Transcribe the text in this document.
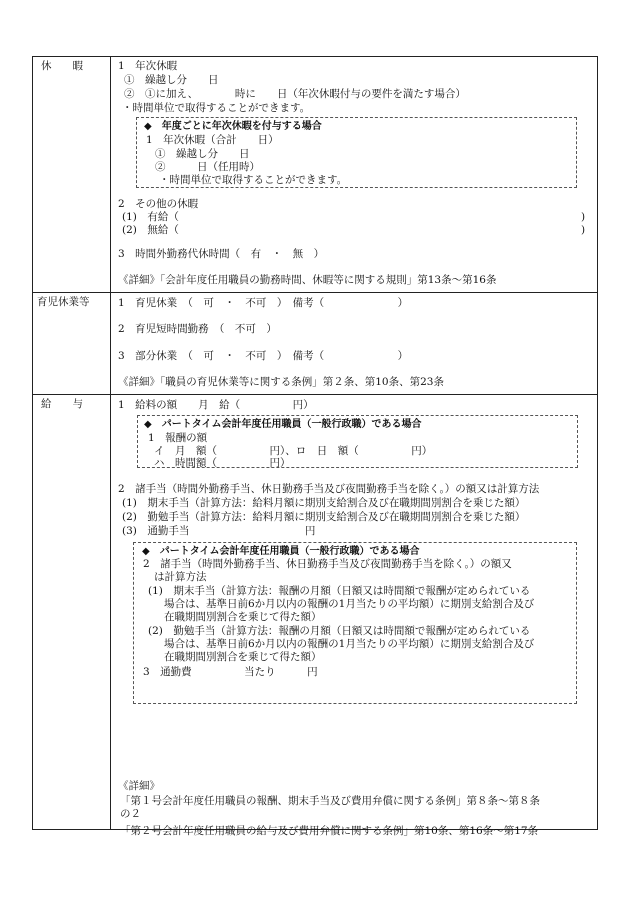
休　　暇	1　年次休暇
①　繰越し分　　日
②　①に加え、　　　　時に　　日（年次休暇付与の要件を満たす場合）
・時間単位で取得することができます。
◆　年度ごとに年次休暇を付与する場合
1　年次休暇（合計　　日）
①　繰越し分　　日
②　　　日（任用時）
・時間単位で取得することができます。
2　その他の休暇
(1)　有給（	)
(2)　無給（	)
3　時間外勤務代休時間（　有　・　無　）
《詳細》「会計年度任用職員の勤務時間、休暇等に関する規則」第13条～第16条
育児休業等	1　育児休業　（　可　・　不可　）　備考（　　　　　　　）
2　育児短時間勤務　（　不可　）
3　部分休業　（　可　・　不可　）　備考（　　　　　　　）
《詳細》「職員の育児休業等に関する条例」第２条、第10条、第23条
給　　与	1　給料の額　　月　給（　　　　　円）
◆　パートタイム会計年度任用職員（一般行政職）である場合
1　報酬の額
イ　月　額（　　　　　円）、ロ　日　額（　　　　　円）
ハ　時間額（　　　　　円）
2　諸手当（時間外勤務手当、休日勤務手当及び夜間勤務手当を除く。）の額又は計算方法
(1)　期末手当（計算方法：給料月額に期別支給割合及び在職期間別割合を乗じた額）
(2)　勤勉手当（計算方法：給料月額に期別支給割合及び在職期間別割合を乗じた額）
(3)　通勤手当　　　　　　　　　　　円
◆　パートタイム会計年度任用職員（一般行政職）である場合
2　諸手当（時間外勤務手当、休日勤務手当及び夜間勤務手当を除く。）の額又
は計算方法
(1)　期末手当（計算方法：報酬の月額（日額又は時間額で報酬が定められている
場合は、基準日前6か月以内の報酬の1月当たりの平均額）に期別支給割合及び
在職期間別割合を乗じて得た額）
(2)　勤勉手当（計算方法：報酬の月額（日額又は時間額で報酬が定められている
場合は、基準日前6か月以内の報酬の1月当たりの平均額）に期別支給割合及び
在職期間別割合を乗じて得た額）
3　通勤費　　　　　当たり　　　円
《詳細》
「第１号会計年度任用職員の報酬、期末手当及び費用弁償に関する条例」第８条～第８条
の２
「第２号会計年度任用職員の給与及び費用弁償に関する条例」第10条、第16条～第17条
